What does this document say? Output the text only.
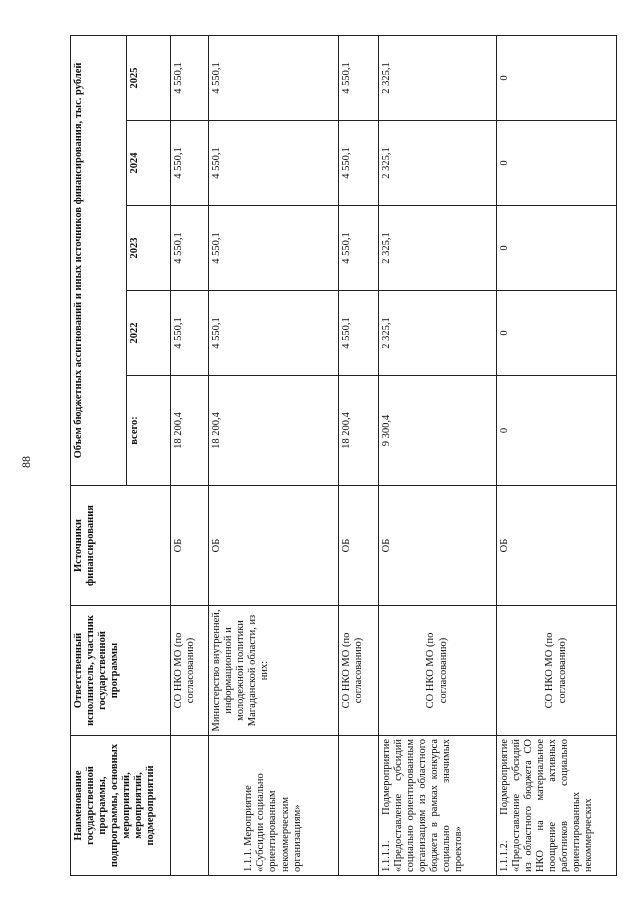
88
Наименование государственной программы, подпрограммы, основных мероприятий, мероприятий, подмероприятий	Ответственный исполнитель, участник государственной программы	Источники финансирования	Объем бюджетных ассигнований и иных источников финансирования, тыс. рублей				
			всего:	2022	2023	2024	2025
	СО НКО МО (по согласованию)	ОБ	18 200,4	4 550,1	4 550,1	4 550,1	4 550,1
1.1.1. Мероприятие «Субсидии социально ориентированным некоммерческим организациям»	Министерство внутренней, информационной и молодежной политики Магаданской области, из них:	ОБ	18 200,4	4 550,1	4 550,1	4 550,1	4 550,1
	СО НКО МО (по согласованию)	ОБ	18 200,4	4 550,1	4 550,1	4 550,1	4 550,1
1.1.1.1. Подмероприятие «Предоставление субсидий социально ориентированным организациям из областного бюджета в рамках конкурса социально значимых проектов»	СО НКО МО (по согласованию)	ОБ	9 300,4	2 325,1	2 325,1	2 325,1	2 325,1
1.1.1.2. Подмероприятие «Предоставление субсидий из областного бюджета СО НКО на материальное поощрение активных работников социально ориентированных некоммерческих	СО НКО МО (по согласованию)	ОБ	0	0	0	0	0
